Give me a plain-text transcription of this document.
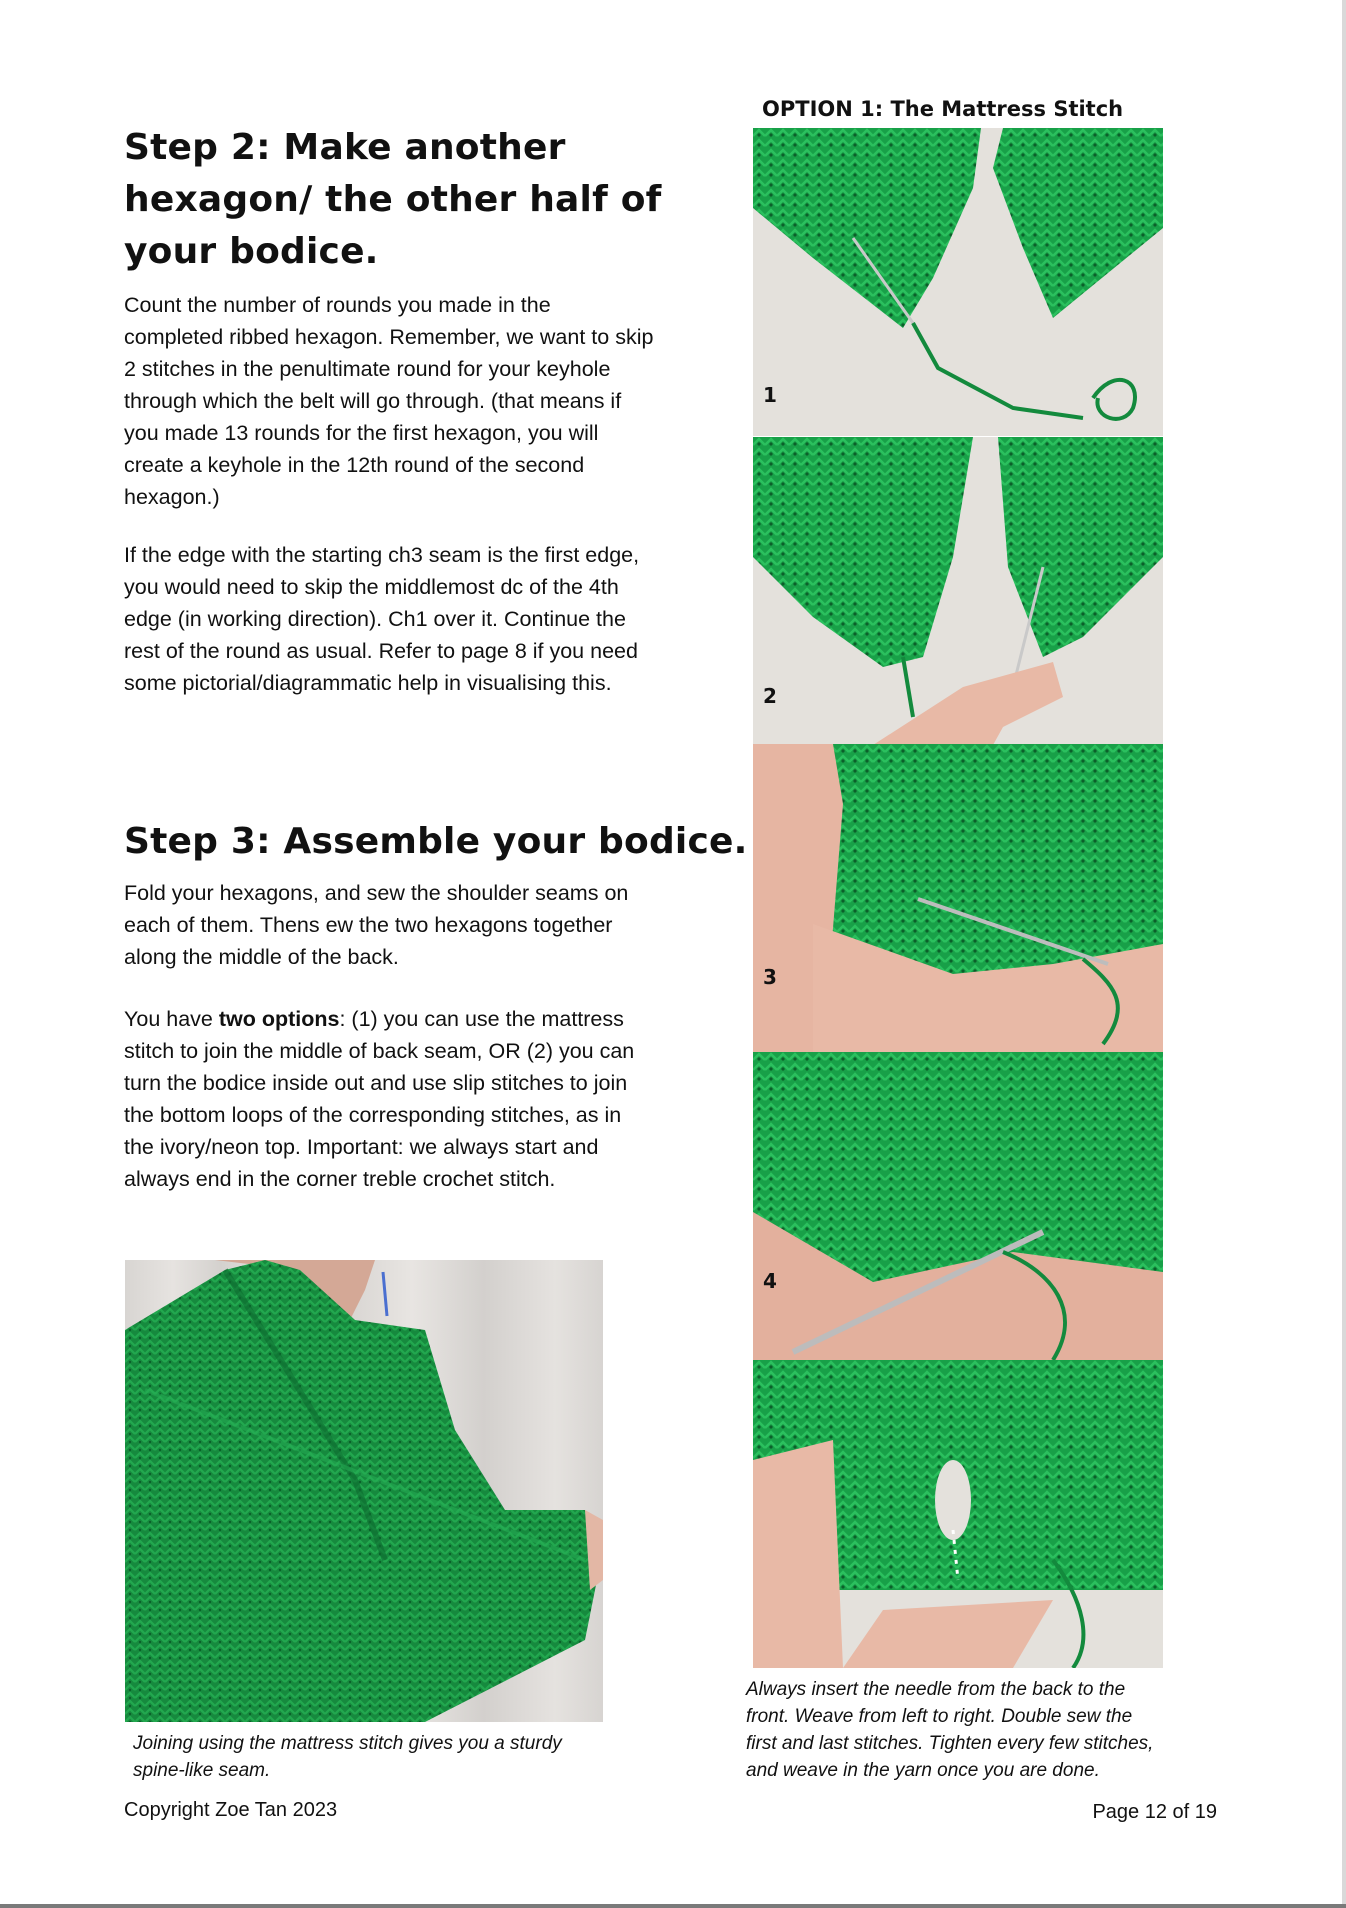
Step 2: Make another
hexagon/ the other half of
your bodice.

Count the number of rounds you made in the completed ribbed hexagon. Remember, we want to skip 2 stitches in the penultimate round for your keyhole through which the belt will go through. (that means if you made 13 rounds for the first hexagon, you will create a keyhole in the 12th round of the second hexagon.)

If the edge with the starting ch3 seam is the first edge, you would need to skip the middlemost dc of the 4th edge (in working direction). Ch1 over it. Continue the rest of the round as usual. Refer to page 8 if you need some pictorial/diagrammatic help in visualising this.

Step 3: Assemble your bodice.

Fold your hexagons, and sew the shoulder seams on each of them. Thens ew the two hexagons together along the middle of the back.

You have two options: (1) you can use the mattress stitch to join the middle of back seam, OR (2) you can turn the bodice inside out and use slip stitches to join the bottom loops of the corresponding stitches, as in the ivory/neon top. Important: we always start and always end in the corner treble crochet stitch.

Joining using the mattress stitch gives you a sturdy spine-like seam.

Copyright Zoe Tan 2023
OPTION 1: The Mattress Stitch
1
2
3
4

Always insert the needle from the back to the front. Weave from left to right. Double sew the first and last stitches. Tighten every few stitches, and weave in the yarn once you are done.

Page 12 of 19
